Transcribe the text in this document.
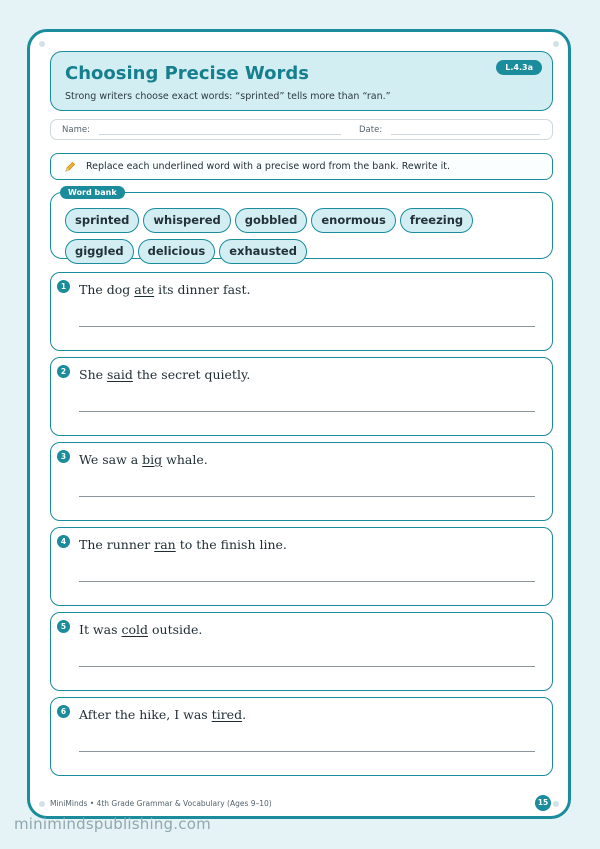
Choosing Precise Words
Strong writers choose exact words: “sprinted” tells more than “ran.”
L.4.3a
Name:	Date:
Replace each underlined word with a precise word from the bank. Rewrite it.
Word bank
sprinted whispered gobbled enormous freezinggiggled delicious exhausted
1	The dog ate its dinner fast.
2	She said the secret quietly.
3	We saw a big whale.
4	The runner ran to the finish line.
5	It was cold outside.
6	After the hike, I was tired.
MiniMinds • 4th Grade Grammar & Vocabulary (Ages 9–10)	15
minimindspublishing.com
